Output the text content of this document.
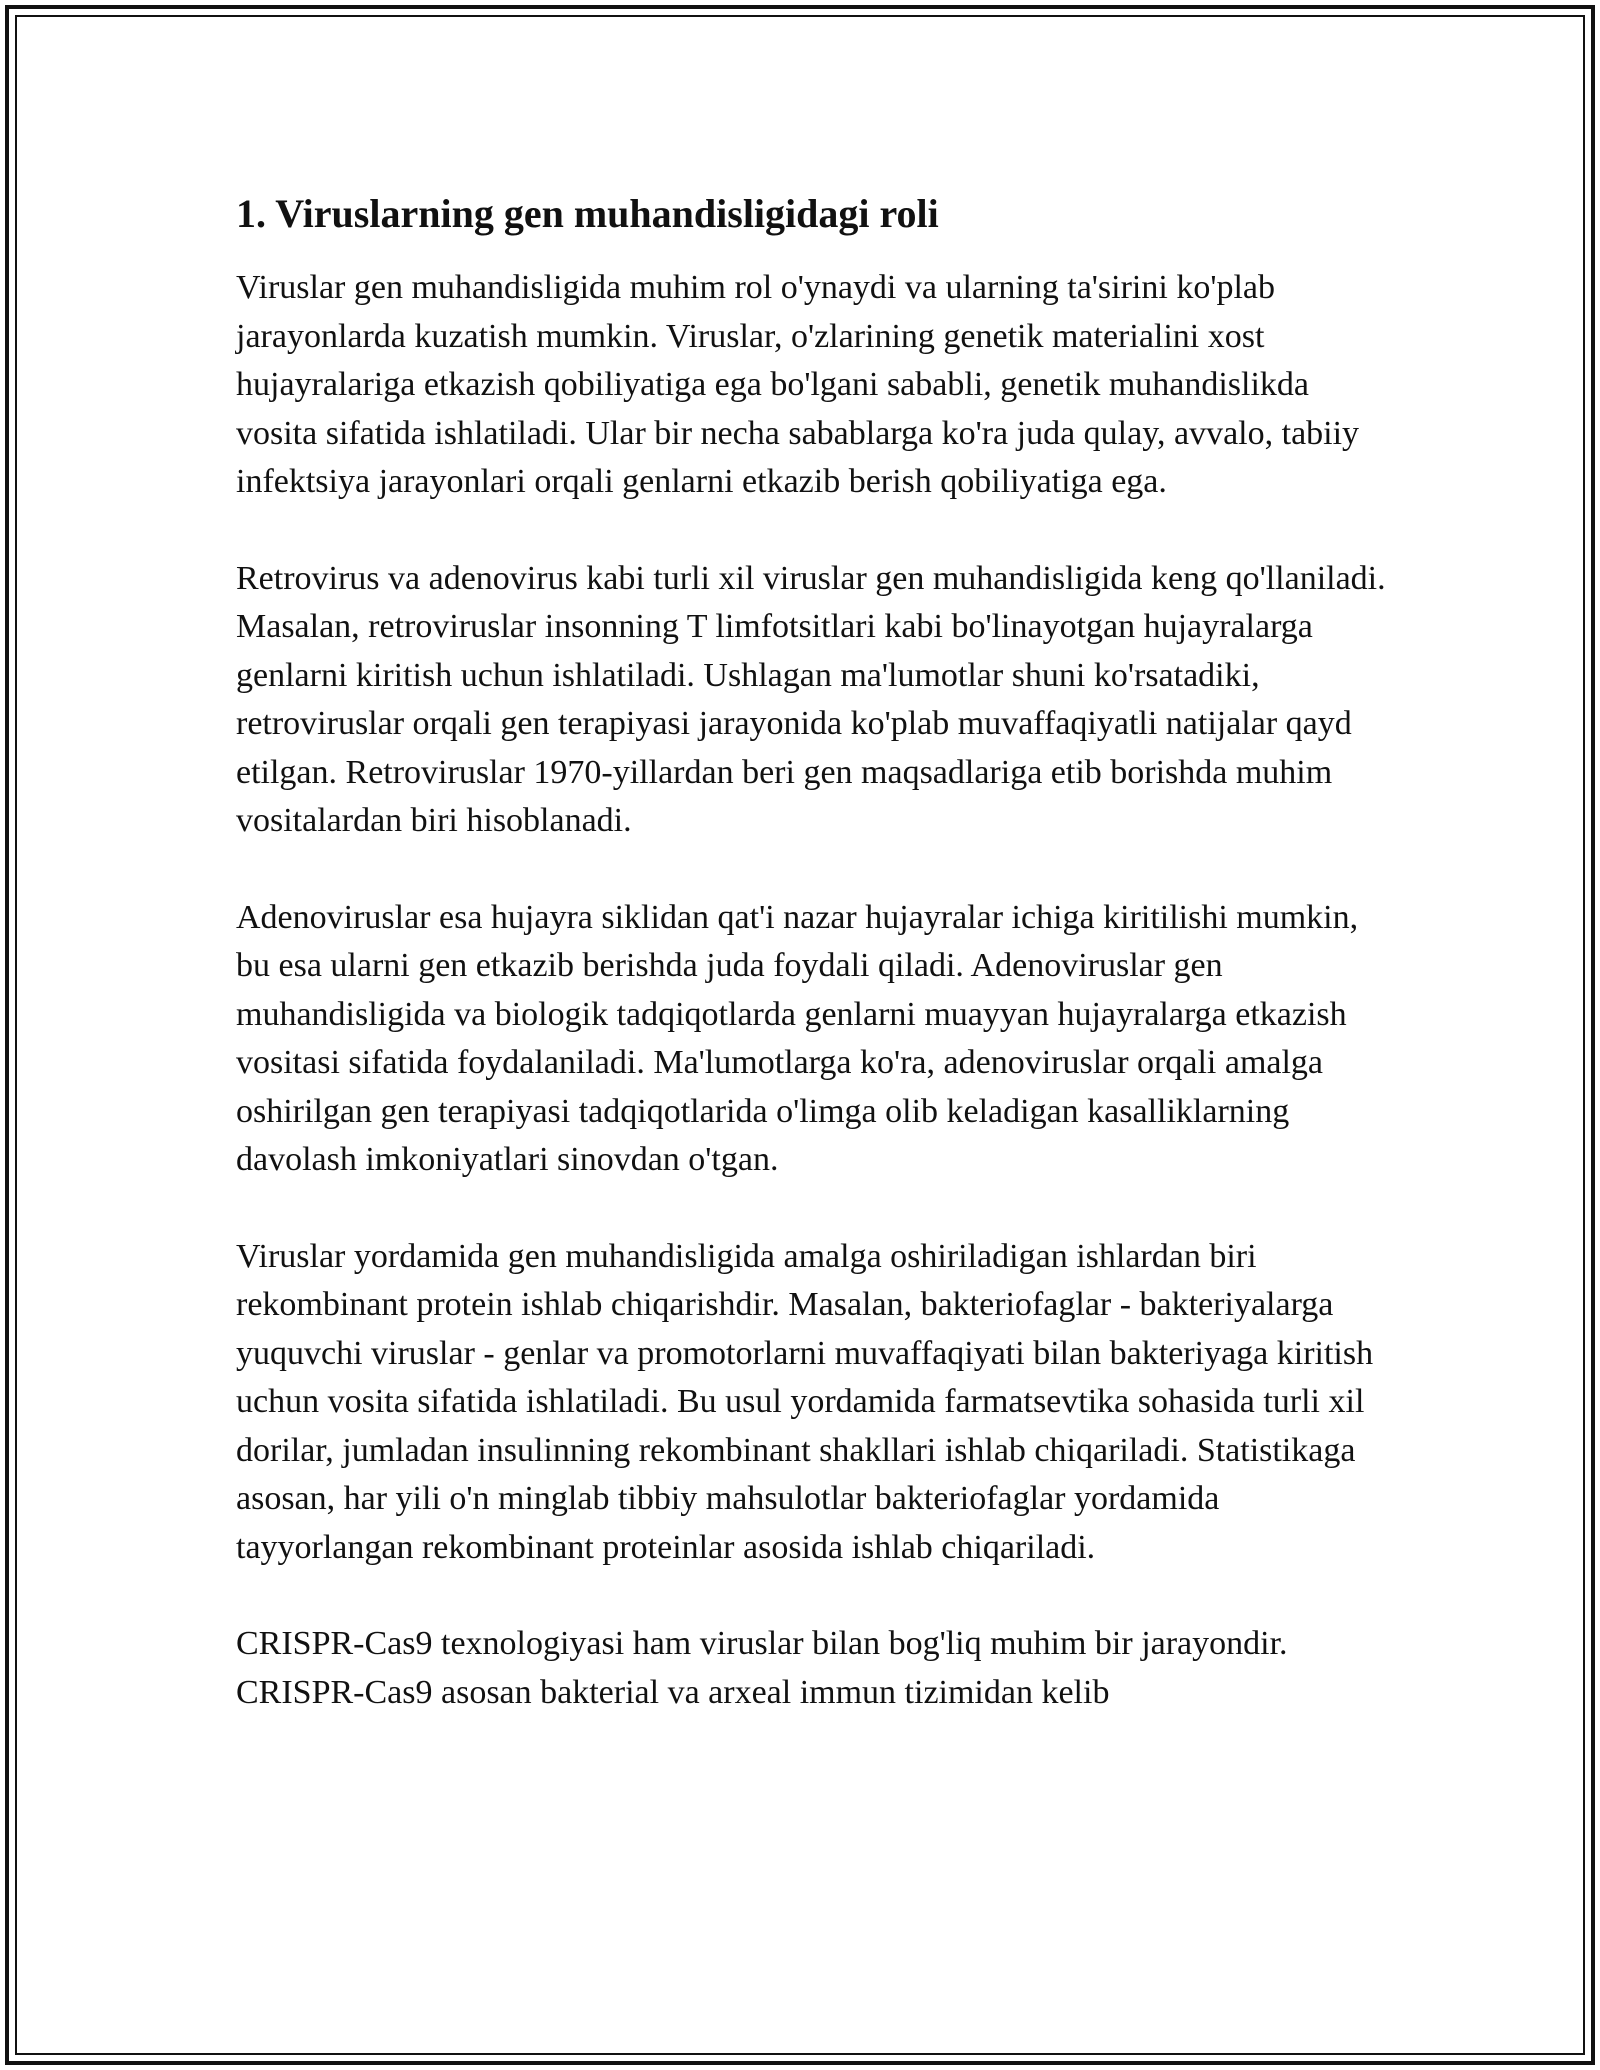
1. Viruslarning gen muhandisligidagi roli

Viruslar gen muhandisligida muhim rol o'ynaydi va ularning ta'sirini ko'plab jarayonlarda kuzatish mumkin. Viruslar, o'zlarining genetik materialini xost hujayralariga etkazish qobiliyatiga ega bo'lgani sababli, genetik muhandislikda vosita sifatida ishlatiladi. Ular bir necha sabablarga ko'ra juda qulay, avvalo, tabiiy infektsiya jarayonlari orqali genlarni etkazib berish qobiliyatiga ega.

Retrovirus va adenovirus kabi turli xil viruslar gen muhandisligida keng qo'llaniladi. Masalan, retroviruslar insonning T limfotsitlari kabi bo'linayotgan hujayralarga genlarni kiritish uchun ishlatiladi. Ushlagan ma'lumotlar shuni ko'rsatadiki, retroviruslar orqali gen terapiyasi jarayonida ko'plab muvaffaqiyatli natijalar qayd etilgan. Retroviruslar 1970-yillardan beri gen maqsadlariga etib borishda muhim vositalardan biri hisoblanadi.

Adenoviruslar esa hujayra siklidan qat'i nazar hujayralar ichiga kiritilishi mumkin, bu esa ularni gen etkazib berishda juda foydali qiladi. Adenoviruslar gen muhandisligida va biologik tadqiqotlarda genlarni muayyan hujayralarga etkazish vositasi sifatida foydalaniladi. Ma'lumotlarga ko'ra, adenoviruslar orqali amalga oshirilgan gen terapiyasi tadqiqotlarida o'limga olib keladigan kasalliklarning davolash imkoniyatlari sinovdan o'tgan.

Viruslar yordamida gen muhandisligida amalga oshiriladigan ishlardan biri rekombinant protein ishlab chiqarishdir. Masalan, bakteriofaglar - bakteriyalarga yuquvchi viruslar - genlar va promotorlarni muvaffaqiyati bilan bakteriyaga kiritish uchun vosita sifatida ishlatiladi. Bu usul yordamida farmatsevtika sohasida turli xil dorilar, jumladan insulinning rekombinant shakllari ishlab chiqariladi. Statistikaga asosan, har yili o'n minglab tibbiy mahsulotlar bakteriofaglar yordamida tayyorlangan rekombinant proteinlar asosida ishlab chiqariladi.

CRISPR-Cas9 texnologiyasi ham viruslar bilan bog'liq muhim bir jarayondir. CRISPR-Cas9 asosan bakterial va arxeal immun tizimidan kelib
